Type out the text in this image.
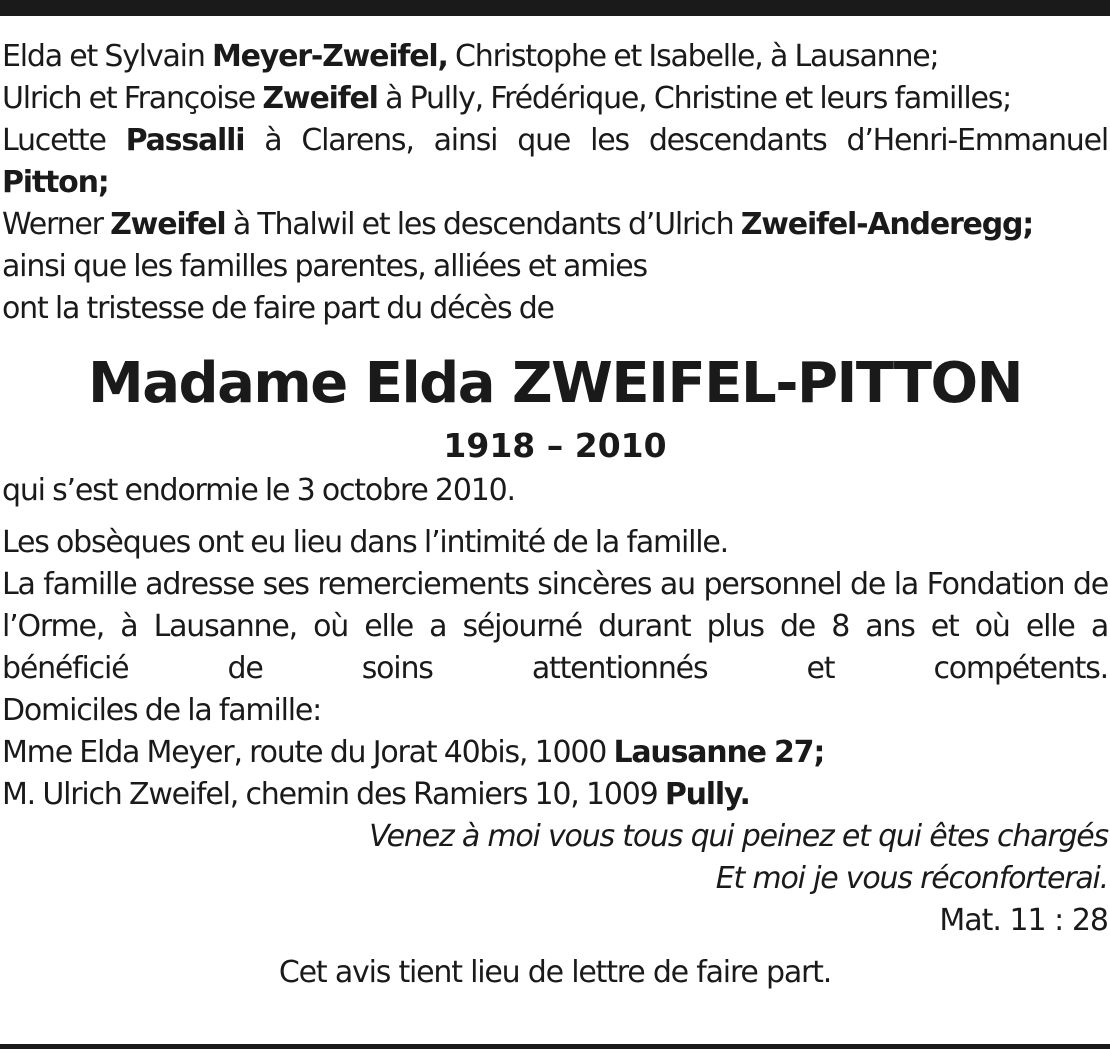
Elda et Sylvain Meyer-Zweifel, Christophe et Isabelle, à Lausanne;
Ulrich et Françoise Zweifel à Pully, Frédérique, Christine et leurs familles;
Lucette Passalli à Clarens, ainsi que les descendants d’Henri-Emmanuel Pitton;
Werner Zweifel à Thalwil et les descendants d’Ulrich Zweifel-Anderegg;
ainsi que les familles parentes, alliées et amies
ont la tristesse de faire part du décès de
Madame Elda ZWEIFEL-PITTON
1918 – 2010
qui s’est endormie le 3 octobre 2010.
Les obsèques ont eu lieu dans l’intimité de la famille.
La famille adresse ses remerciements sincères au personnel de la Fondation de l’Orme, à Lausanne, où elle a séjourné durant plus de 8 ans et où elle a bénéficié de soins attentionnés et compétents.
Domiciles de la famille:
Mme Elda Meyer, route du Jorat 40bis, 1000 Lausanne 27;
M. Ulrich Zweifel, chemin des Ramiers 10, 1009 Pully.
Venez à moi vous tous qui peinez et qui êtes chargés
Et moi je vous réconforterai.
Mat. 11 : 28
Cet avis tient lieu de lettre de faire part.
